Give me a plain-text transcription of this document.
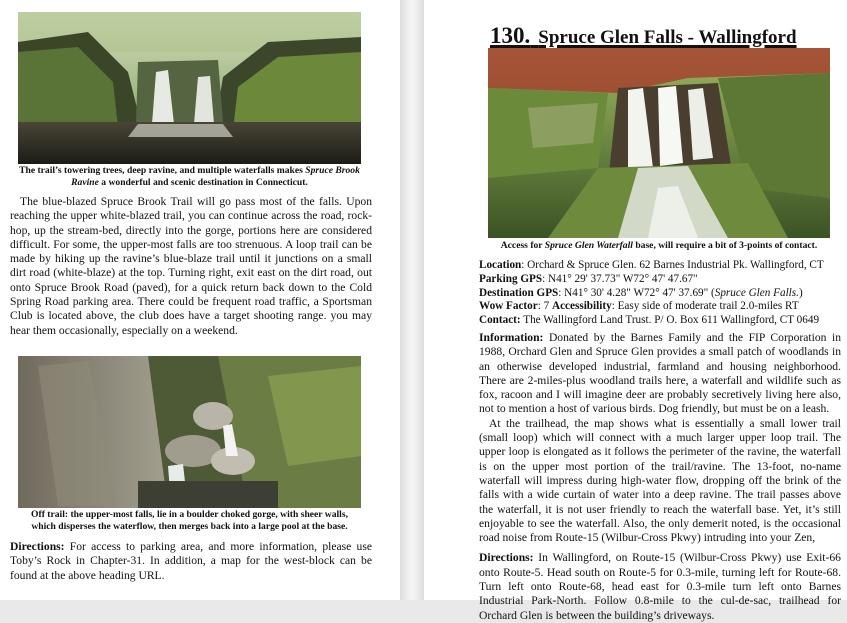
The trail’s towering trees, deep ravine, and multiple waterfalls makes Spruce Brook Ravine a wonderful and scenic destination in Connecticut.

The blue-blazed Spruce Brook Trail will go pass most of the falls. Upon reaching the upper white-blazed trail, you can continue across the road, rock-hop, up the stream-bed, directly into the gorge, portions here are considered difficult. For some, the upper-most falls are too strenuous. A loop trail can be made by hiking up the ravine’s blue-blaze trail until it junctions on a small dirt road (white-blaze) at the top. Turning right, exit east on the dirt road, out onto Spruce Brook Road (paved), for a quick return back down to the Cold Spring Road parking area. There could be frequent road traffic, a Sportsman Club is located above, the club does have a target shooting range. you may hear them occasionally, especially on a weekend.

Off trail: the upper-most falls, lie in a boulder choked gorge, with sheer walls, which disperses the waterflow, then merges back into a large pool at the base.

Directions: For access to parking area, and more information, please use Toby’s Rock in Chapter-31. In addition, a map for the west-block can be found at the above heading URL.

130. Spruce Glen Falls - Wallingford

Access for Spruce Glen Waterfall base, will require a bit of 3-points of contact.

Location: Orchard & Spruce Glen. 62 Barnes Industrial Pk. Wallingford, CT
Parking GPS: N41° 29' 37.73" W72° 47' 47.67"
Destination GPS: N41° 30' 4.28" W72° 47' 37.69" (Spruce Glen Falls.)
Wow Factor: 7 Accessibility: Easy side of moderate trail 2.0-miles RT
Contact: The Wallingford Land Trust. P/ O. Box 611 Wallingford, CT 0649

Information: Donated by the Barnes Family and the FIP Corporation in 1988, Orchard Glen and Spruce Glen provides a small patch of woodlands in an otherwise developed industrial, farmland and housing neighborhood. There are 2-miles-plus woodland trails here, a waterfall and wildlife such as fox, racoon and I will imagine deer are probably secretively living here also, not to mention a host of various birds. Dog friendly, but must be on a leash.

At the trailhead, the map shows what is essentially a small lower trail (small loop) which will connect with a much larger upper loop trail. The upper loop is elongated as it follows the perimeter of the ravine, the waterfall is on the upper most portion of the trail/ravine. The 13-foot, no-name waterfall will impress during high-water flow, dropping off the brink of the falls with a wide curtain of water into a deep ravine. The trail passes above the waterfall, it is not user friendly to reach the waterfall base. Yet, it’s still enjoyable to see the waterfall. Also, the only demerit noted, is the occasional road noise from Route-15 (Wilbur-Cross Pkwy) intruding into your Zen,

Directions: In Wallingford, on Route-15 (Wilbur-Cross Pkwy) use Exit-66 onto Route-5. Head south on Route-5 for 0.3-mile, turning left for Route-68. Turn left onto Route-68, head east for 0.3-mile turn left onto Barnes Industrial Park-North. Follow 0.8-mile to the cul-de-sac, trailhead for Orchard Glen is between the building’s driveways.
